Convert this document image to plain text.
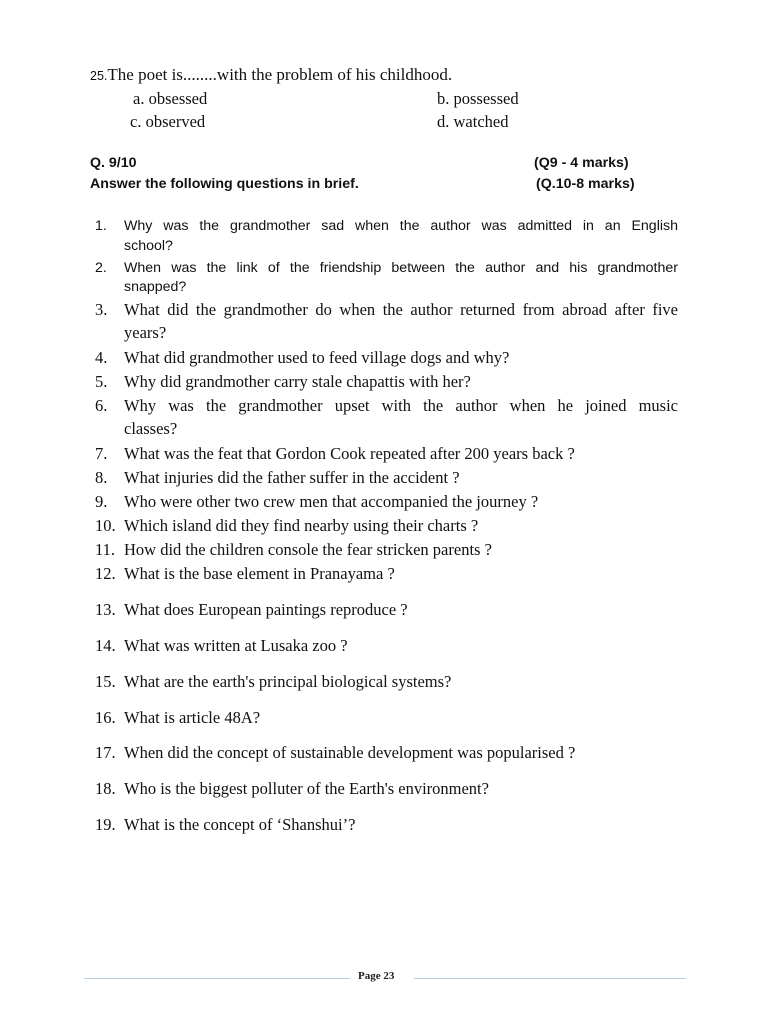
25.The poet is........with the problem of his childhood.
a. obsessed	b. possessed
c. observed	d. watched
Q. 9/10	(Q9 - 4 marks)
Answer the following questions in brief.	(Q.10-8 marks)
1. Why was the grandmother sad when the author was admitted in an English
school?
2. When was the link of the friendship between the author and his grandmother
snapped?
3. What did the grandmother do when the author returned from abroad after five
years?
4. What did grandmother used to feed village dogs and why?
5. Why did grandmother carry stale chapattis with her?
6. Why was the grandmother upset with the author when he joined music
classes?
7. What was the feat that Gordon Cook repeated after 200 years back ?
8. What injuries did the father suffer in the accident ?
9. Who were other two crew men that accompanied the journey ?
10. Which island did they find nearby using their charts ?
11. How did the children console the fear stricken parents ?
12. What is the base element in Pranayama ?
13. What does European paintings reproduce ?
14. What was written at Lusaka zoo ?
15. What are the earth's principal biological systems?
16. What is article 48A?
17. When did the concept of sustainable development was popularised ?
18. Who is the biggest polluter of the Earth's environment?
19. What is the concept of ‘Shanshui’?
Page 23
